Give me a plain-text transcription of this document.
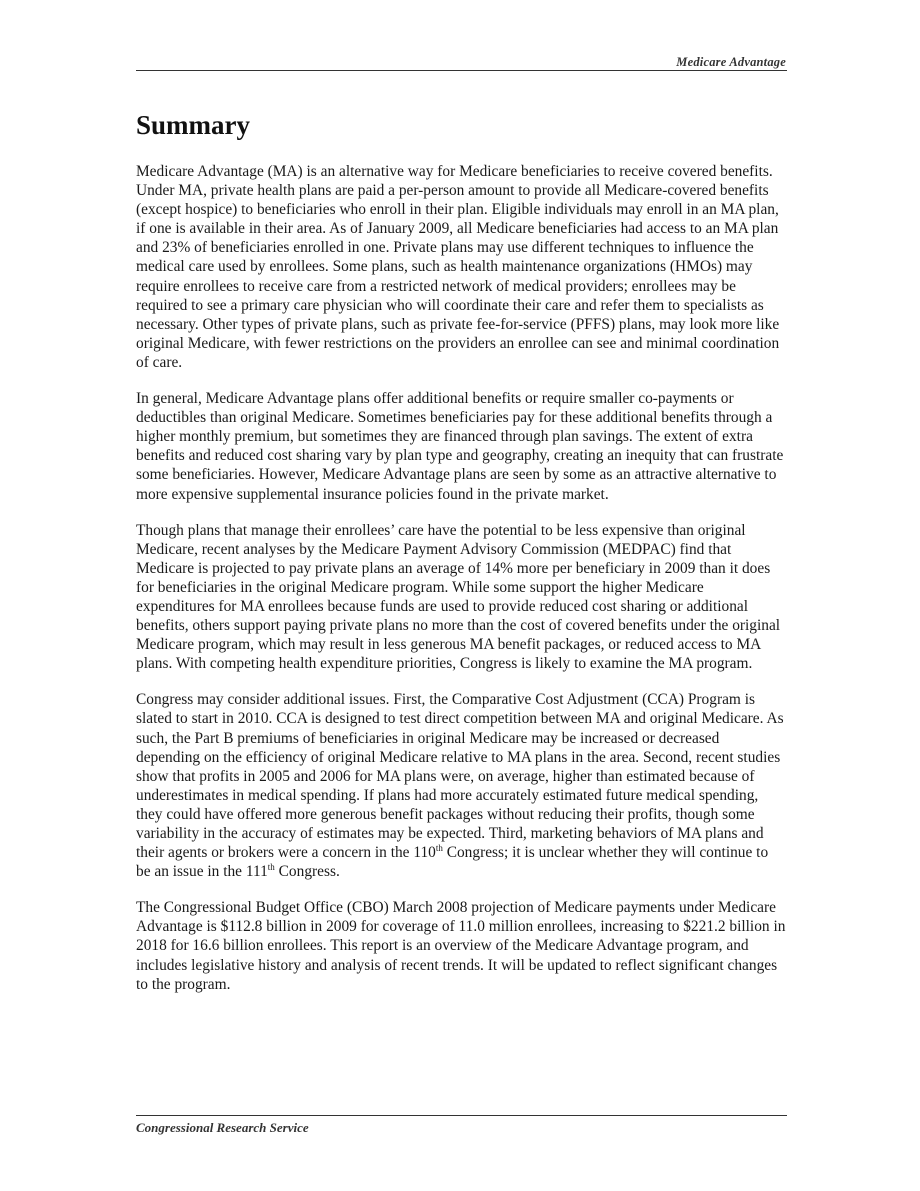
Medicare Advantage
Summary

Medicare Advantage (MA) is an alternative way for Medicare beneficiaries to receive covered benefits. Under MA, private health plans are paid a per-person amount to provide all Medicare-covered benefits (except hospice) to beneficiaries who enroll in their plan. Eligible individuals may enroll in an MA plan, if one is available in their area. As of January 2009, all Medicare beneficiaries had access to an MA plan and 23% of beneficiaries enrolled in one. Private plans may use different techniques to influence the medical care used by enrollees. Some plans, such as health maintenance organizations (HMOs) may require enrollees to receive care from a restricted network of medical providers; enrollees may be required to see a primary care physician who will coordinate their care and refer them to specialists as necessary. Other types of private plans, such as private fee-for-service (PFFS) plans, may look more like original Medicare, with fewer restrictions on the providers an enrollee can see and minimal coordination of care.

In general, Medicare Advantage plans offer additional benefits or require smaller co-payments or deductibles than original Medicare. Sometimes beneficiaries pay for these additional benefits through a higher monthly premium, but sometimes they are financed through plan savings. The extent of extra benefits and reduced cost sharing vary by plan type and geography, creating an inequity that can frustrate some beneficiaries. However, Medicare Advantage plans are seen by some as an attractive alternative to more expensive supplemental insurance policies found in the private market.

Though plans that manage their enrollees’ care have the potential to be less expensive than original Medicare, recent analyses by the Medicare Payment Advisory Commission (MEDPAC) find that Medicare is projected to pay private plans an average of 14% more per beneficiary in 2009 than it does for beneficiaries in the original Medicare program. While some support the higher Medicare expenditures for MA enrollees because funds are used to provide reduced cost sharing or additional benefits, others support paying private plans no more than the cost of covered benefits under the original Medicare program, which may result in less generous MA benefit packages, or reduced access to MA plans. With competing health expenditure priorities, Congress is likely to examine the MA program.

Congress may consider additional issues. First, the Comparative Cost Adjustment (CCA) Program is slated to start in 2010. CCA is designed to test direct competition between MA and original Medicare. As such, the Part B premiums of beneficiaries in original Medicare may be increased or decreased depending on the efficiency of original Medicare relative to MA plans in the area. Second, recent studies show that profits in 2005 and 2006 for MA plans were, on average, higher than estimated because of underestimates in medical spending. If plans had more accurately estimated future medical spending, they could have offered more generous benefit packages without reducing their profits, though some variability in the accuracy of estimates may be expected. Third, marketing behaviors of MA plans and their agents or brokers were a concern in the 110th Congress; it is unclear whether they will continue to be an issue in the 111th Congress.

The Congressional Budget Office (CBO) March 2008 projection of Medicare payments under Medicare Advantage is $112.8 billion in 2009 for coverage of 11.0 million enrollees, increasing to $221.2 billion in 2018 for 16.6 billion enrollees. This report is an overview of the Medicare Advantage program, and includes legislative history and analysis of recent trends. It will be updated to reflect significant changes to the program.

Congressional Research Service
